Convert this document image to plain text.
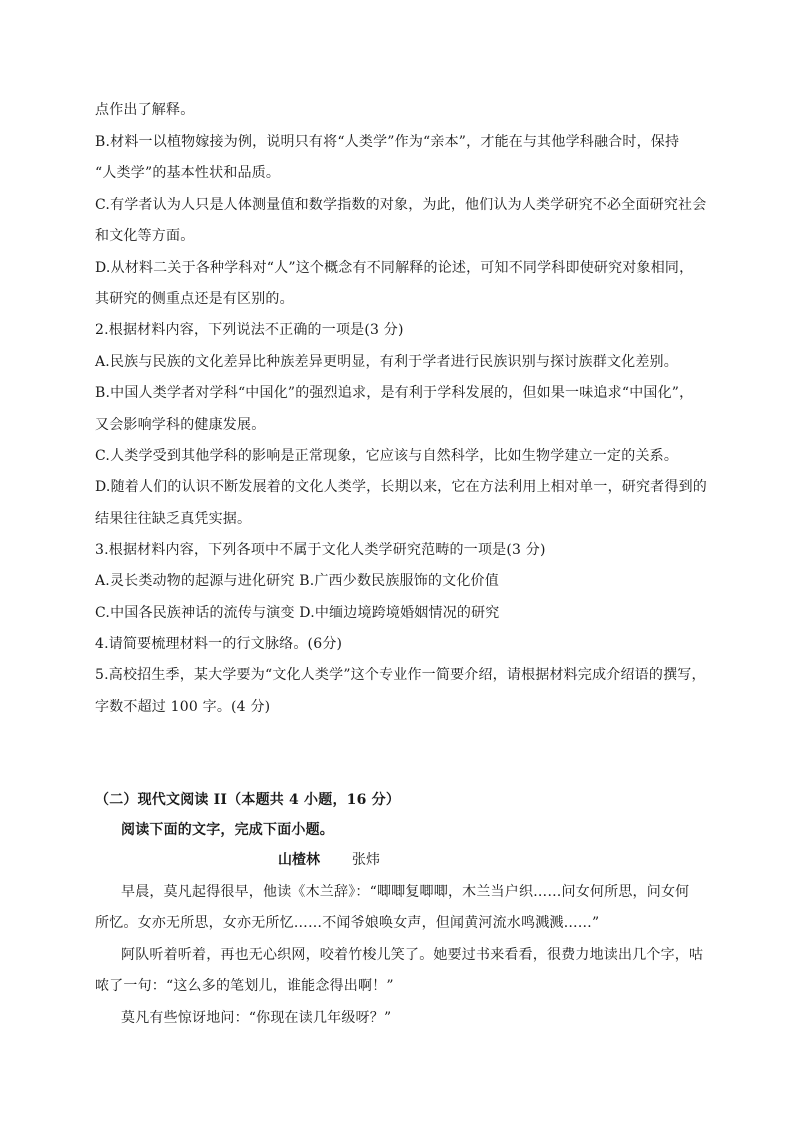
点作出了解释。
B.材料一以植物嫁接为例，说明只有将“人类学”作为“亲本”，才能在与其他学科融合时，保持
“人类学”的基本性状和品质。
C.有学者认为人只是人体测量值和数学指数的对象，为此，他们认为人类学研究不必全面研究社会
和文化等方面。
D.从材料二关于各种学科对“人”这个概念有不同解释的论述，可知不同学科即使研究对象相同，
其研究的侧重点还是有区别的。
2.根据材料内容，下列说法不正确的一项是(3 分)
A.民族与民族的文化差异比种族差异更明显，有利于学者进行民族识别与探讨族群文化差别。
B.中国人类学者对学科“中国化”的强烈追求，是有利于学科发展的，但如果一味追求“中国化”，
又会影响学科的健康发展。
C.人类学受到其他学科的影响是正常现象，它应该与自然科学，比如生物学建立一定的关系。
D.随着人们的认识不断发展着的文化人类学，长期以来，它在方法利用上相对单一，研究者得到的
结果往往缺乏真凭实据。
3.根据材料内容，下列各项中不属于文化人类学研究范畴的一项是(3 分)
A.灵长类动物的起源与进化研究 B.广西少数民族服饰的文化价值
C.中国各民族神话的流传与演变 D.中缅边境跨境婚姻情况的研究
4.请简要梳理材料一的行文脉络。(6分)
5.高校招生季，某大学要为“文化人类学”这个专业作一简要介绍，请根据材料完成介绍语的撰写，
字数不超过 100 字。(4 分)
（二）现代文阅读 II（本题共 4 小题，16 分）
阅读下面的文字，完成下面小题。
山楂林 张炜
早晨，莫凡起得很早，他读《木兰辞》：“唧唧复唧唧，木兰当户织……问女何所思，问女何
所忆。女亦无所思，女亦无所忆……不闻爷娘唤女声，但闻黄河流水鸣溅溅……”
阿队听着听着，再也无心织网，咬着竹梭儿笑了。她要过书来看看，很费力地读出几个字，咕
哝了一句：“这么多的笔划儿，谁能念得出啊！”
莫凡有些惊讶地问：“你现在读几年级呀？”
